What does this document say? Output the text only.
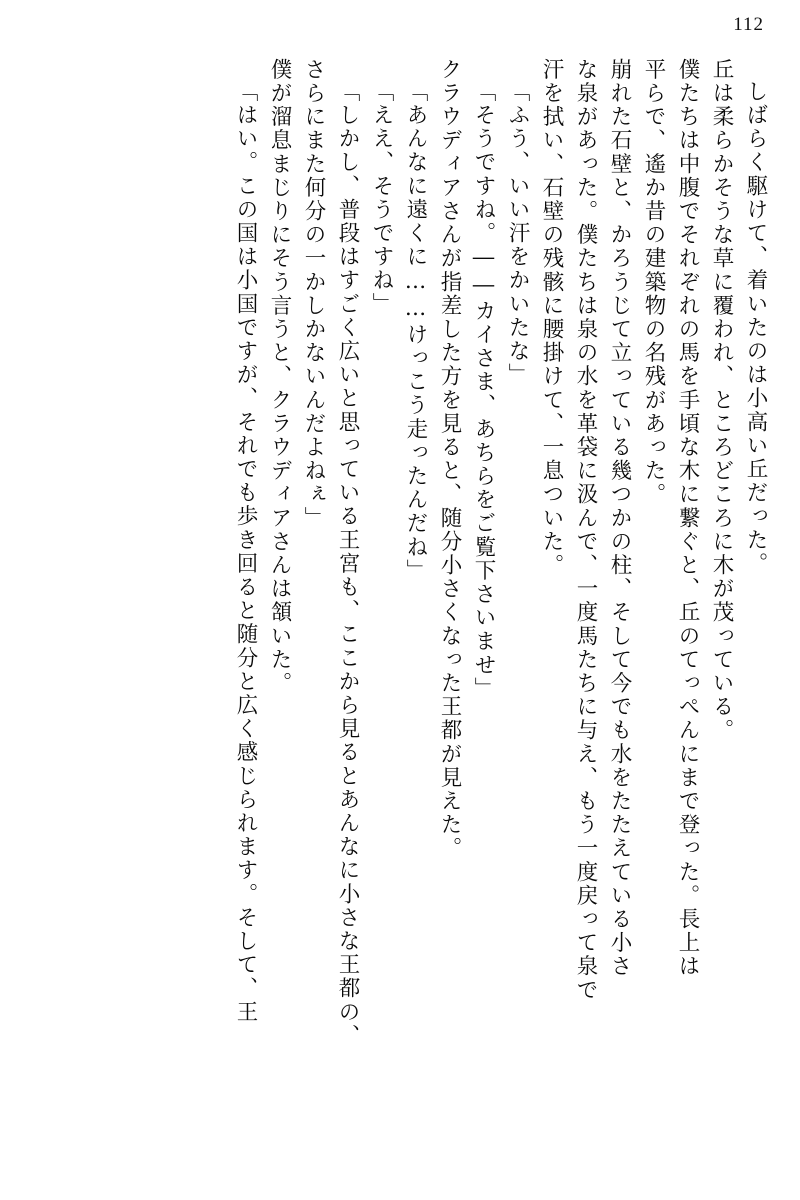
112
しばらく駆けて、着いたのは小高い丘だった。
丘は柔らかそうな草に覆われ、ところどころに木が茂っている。
僕たちは中腹でそれぞれの馬を手頃な木に繋ぐと、丘のてっぺんにまで登った。長上は
平らで、遙か昔の建築物の名残があった。
崩れた石壁と、かろうじて立っている幾つかの柱、そして今でも水をたたえている小さ
な泉があった。僕たちは泉の水を革袋に汲んで、一度馬たちに与え、もう一度戻って泉で
汗を拭い、石壁の残骸に腰掛けて、一息ついた。
「ふう、いい汗をかいたな」
「そうですね。――カイさま、あちらをご覧下さいませ」
クラウディアさんが指差した方を見ると、随分小さくなった王都が見えた。
「あんなに遠くに……けっこう走ったんだね」
「ええ、そうですね」
「しかし、普段はすごく広いと思っている王宮も、ここから見るとあんなに小さな王都の、
さらにまた何分の一かしかないんだよねぇ」
僕が溜息まじりにそう言うと、クラウディアさんは頷いた。
「はい。この国は小国ですが、それでも歩き回ると随分と広く感じられます。そして、王
